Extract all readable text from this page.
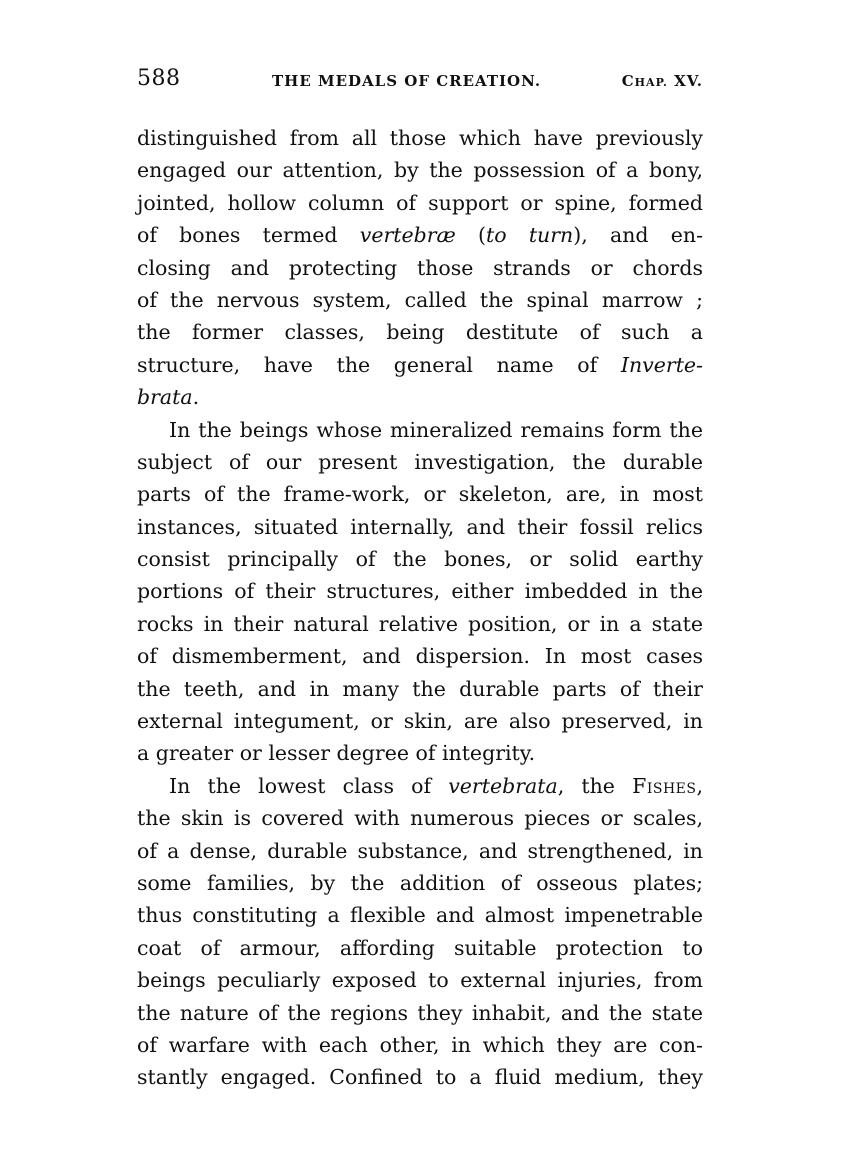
588	THE MEDALS OF CREATION.	CHAP. XV.
distinguished from all those which have previously
engaged our attention, by the possession of a bony,
jointed, hollow column of support or spine, formed
of bones termed vertebræ (to turn), and en-
closing and protecting those strands or chords
of the nervous system, called the spinal marrow ;
the former classes, being destitute of such a
structure, have the general name of Inverte-
brata.
In the beings whose mineralized remains form the
subject of our present investigation, the durable
parts of the frame-work, or skeleton, are, in most
instances, situated internally, and their fossil relics
consist principally of the bones, or solid earthy
portions of their structures, either imbedded in the
rocks in their natural relative position, or in a state
of dismemberment, and dispersion. In most cases
the teeth, and in many the durable parts of their
external integument, or skin, are also preserved, in
a greater or lesser degree of integrity.
In the lowest class of vertebrata, the Fishes,
the skin is covered with numerous pieces or scales,
of a dense, durable substance, and strengthened, in
some families, by the addition of osseous plates;
thus constituting a flexible and almost impenetrable
coat of armour, affording suitable protection to
beings peculiarly exposed to external injuries, from
the nature of the regions they inhabit, and the state
of warfare with each other, in which they are con-
stantly engaged. Confined to a fluid medium, they
